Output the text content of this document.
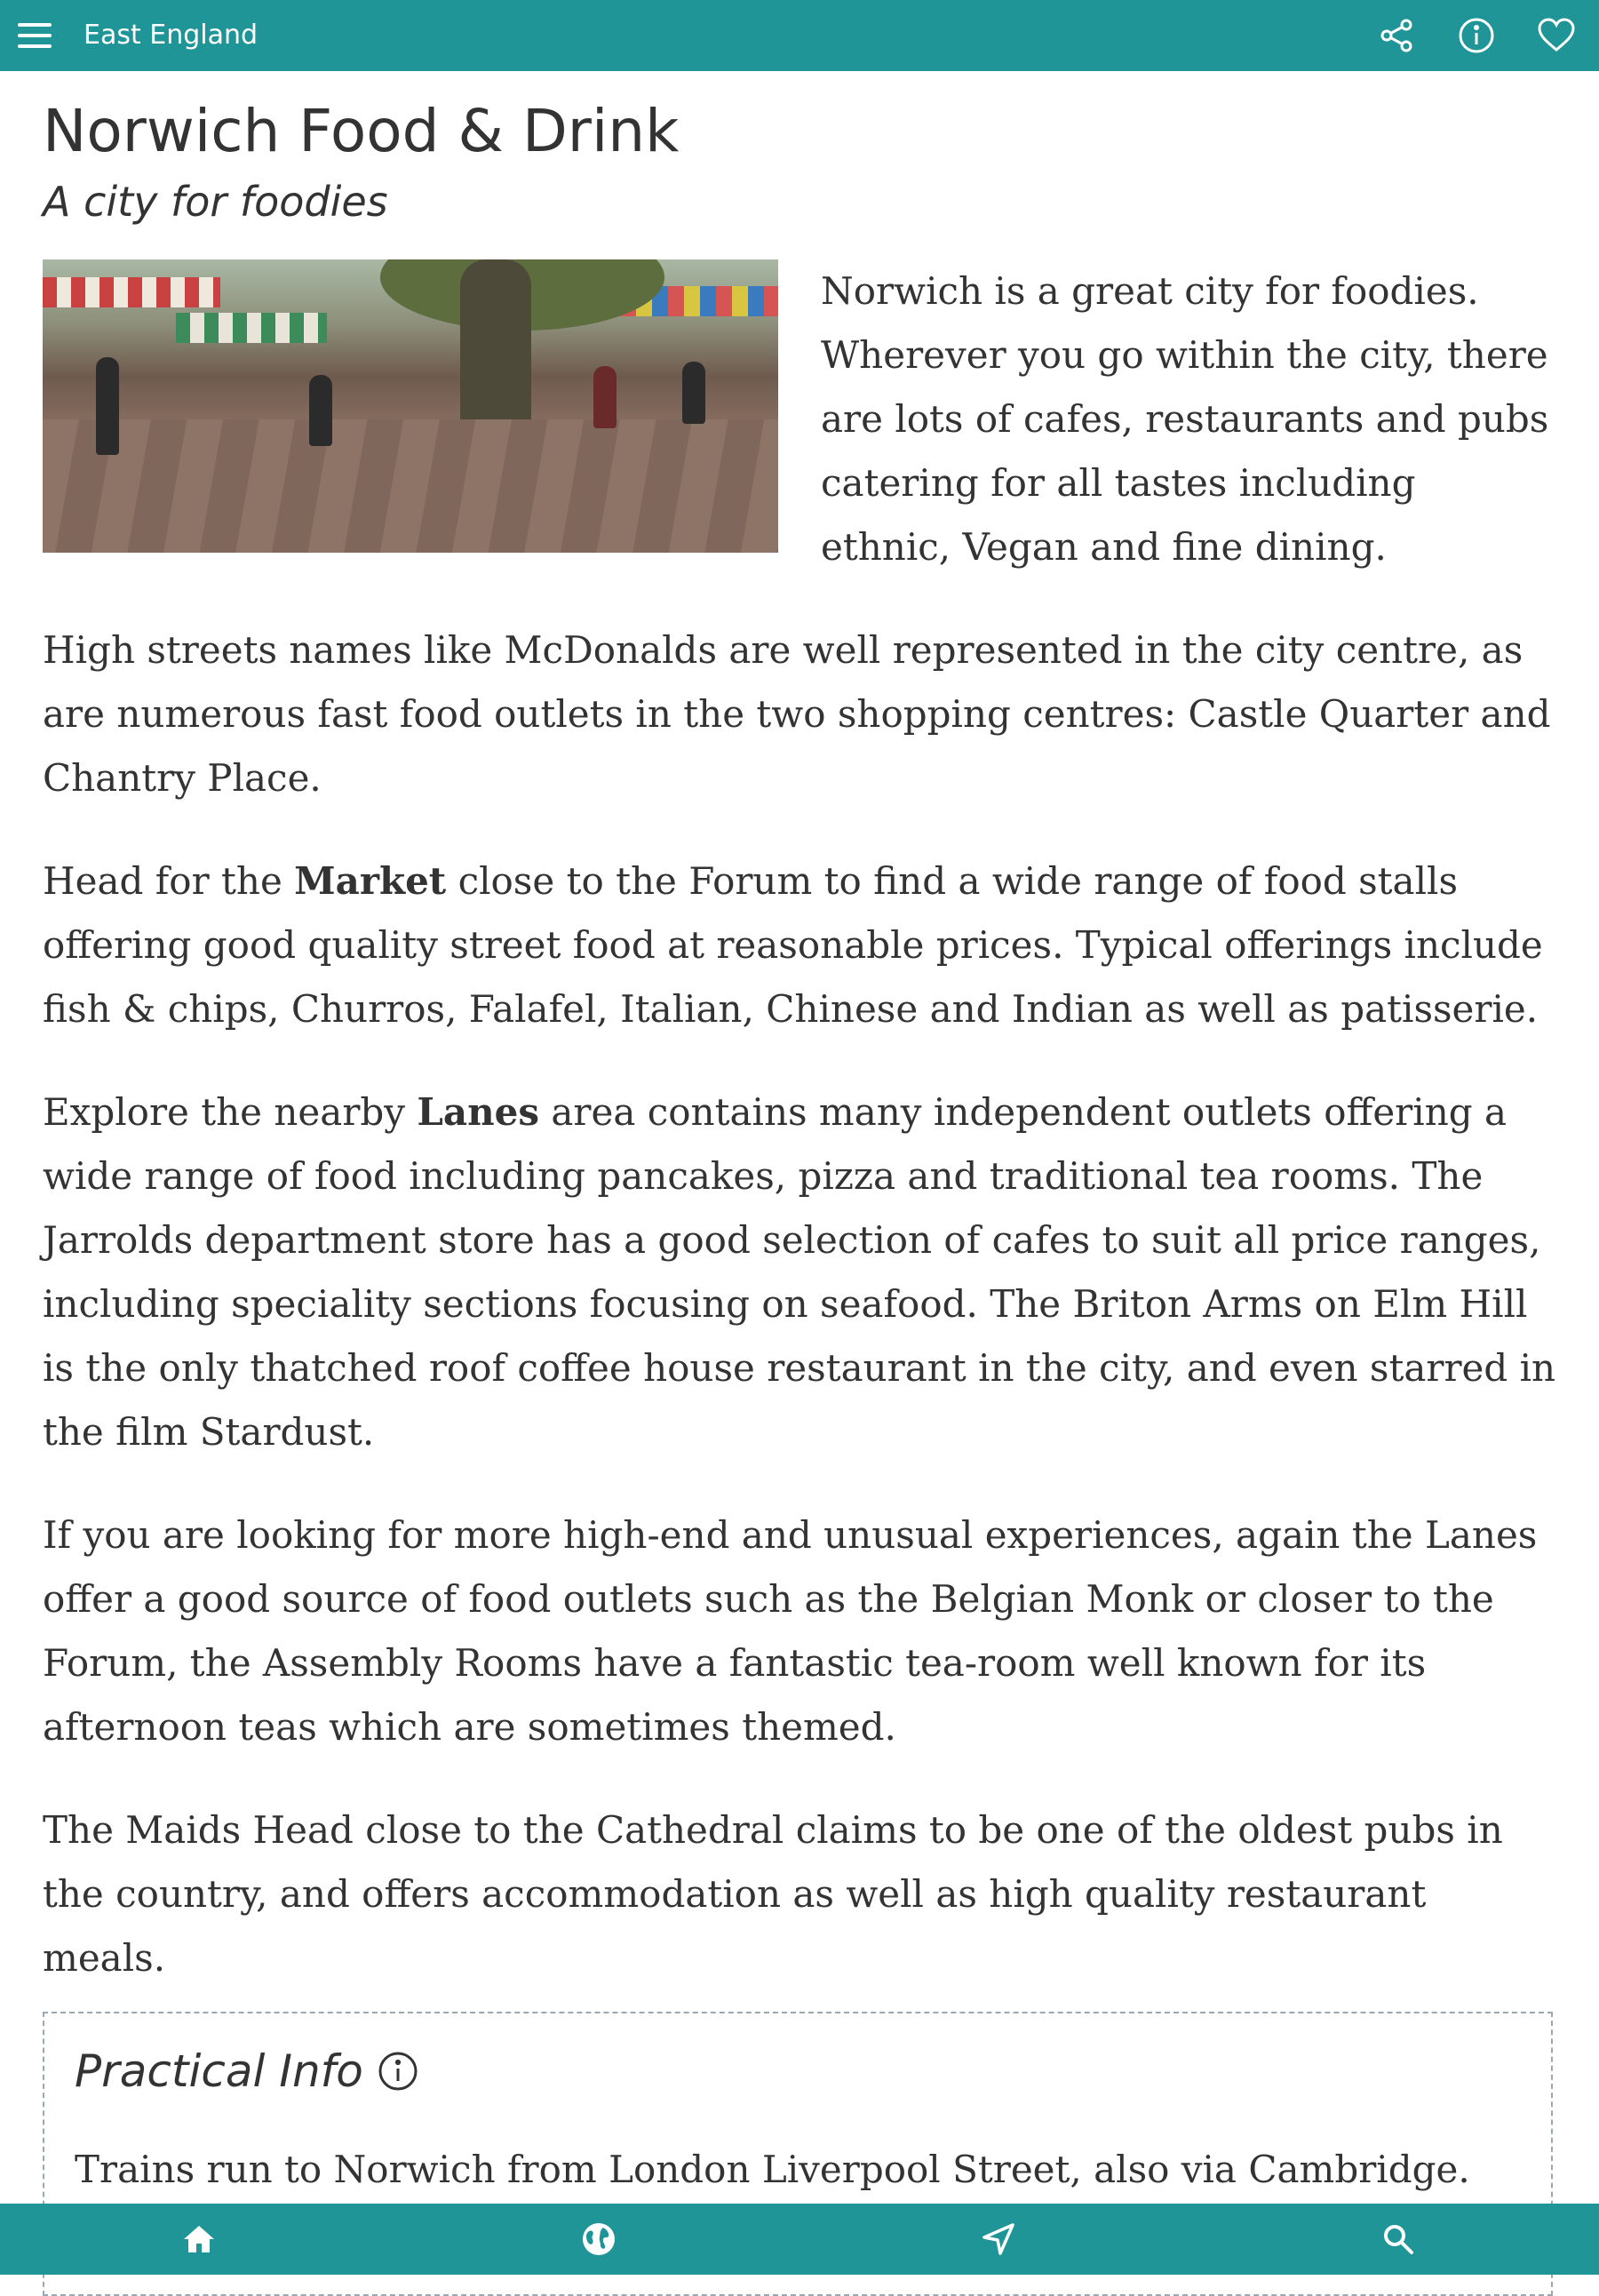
East England
Norwich Food & Drink
A city for foodies
Norwich is a great city for foodies. Wherever you go within the city, there are lots of cafes, restaurants and pubs catering for all tastes including ethnic, Vegan and fine dining.

High streets names like McDonalds are well represented in the city centre, as are numerous fast food outlets in the two shopping centres: Castle Quarter and Chantry Place.

Head for the Market close to the Forum to find a wide range of food stalls offering good quality street food at reasonable prices. Typical offerings include fish & chips, Churros, Falafel, Italian, Chinese and Indian as well as patisserie.

Explore the nearby Lanes area contains many independent outlets offering a wide range of food including pancakes, pizza and traditional tea rooms. The Jarrolds department store has a good selection of cafes to suit all price ranges, including speciality sections focusing on seafood. The Briton Arms on Elm Hill is the only thatched roof coffee house restaurant in the city, and even starred in the film Stardust.

If you are looking for more high-end and unusual experiences, again the Lanes offer a good source of food outlets such as the Belgian Monk or closer to the Forum, the Assembly Rooms have a fantastic tea-room well known for its afternoon teas which are sometimes themed.

The Maids Head close to the Cathedral claims to be one of the oldest pubs in the country, and offers accommodation as well as high quality restaurant meals.

Practical Info
Trains run to Norwich from London Liverpool Street, also via Cambridge.
